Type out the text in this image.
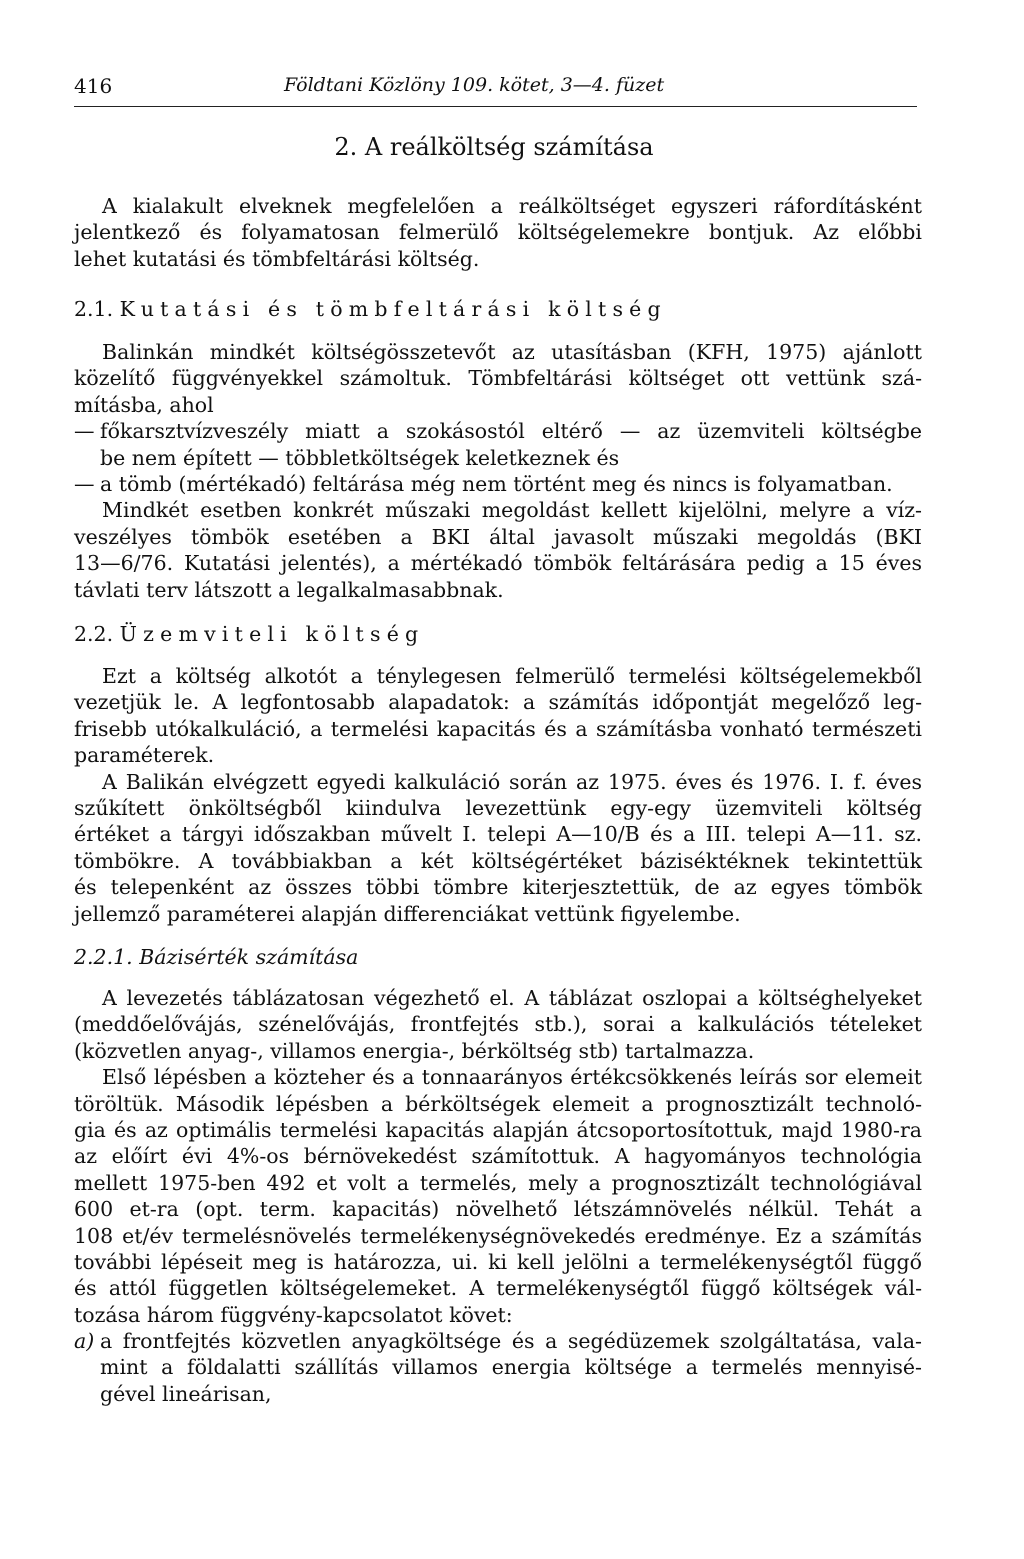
416	Földtani Közlöny 109. kötet, 3—4. füzet
2. A reálköltség számítása
A kialakult elveknek megfelelően a reálköltséget egyszeri ráfordításként
jelentkező és folyamatosan felmerülő költségelemekre bontjuk. Az előbbi
lehet kutatási és tömbfeltárási költség.
2.1. Kutatási és tömbfeltárási költség
Balinkán mindkét költségösszetevőt az utasításban (KFH, 1975) ajánlott
közelítő függvényekkel számoltuk. Tömbfeltárási költséget ott vettünk szá-
mításba, ahol
— főkarsztvízveszély miatt a szokásostól eltérő — az üzemviteli költségbe
be nem épített — többletköltségek keletkeznek és
— a tömb (mértékadó) feltárása még nem történt meg és nincs is folyamatban.
Mindkét esetben konkrét műszaki megoldást kellett kijelölni, melyre a víz-
veszélyes tömbök esetében a BKI által javasolt műszaki megoldás (BKI
13—6/76. Kutatási jelentés), a mértékadó tömbök feltárására pedig a 15 éves
távlati terv látszott a legalkalmasabbnak.
2.2. Üzemviteli költség
Ezt a költség alkotót a ténylegesen felmerülő termelési költségelemekből
vezetjük le. A legfontosabb alapadatok: a számítás időpontját megelőző leg-
frisebb utókalkuláció, a termelési kapacitás és a számításba vonható természeti
paraméterek.
A Balikán elvégzett egyedi kalkuláció során az 1975. éves és 1976. I. f. éves
szűkített önköltségből kiindulva levezettünk egy-egy üzemviteli költség
értéket a tárgyi időszakban művelt I. telepi A—10/B és a III. telepi A—11. sz.
tömbökre. A továbbiakban a két költségértéket báziséktéknek tekintettük
és telepenként az összes többi tömbre kiterjesztettük, de az egyes tömbök
jellemző paraméterei alapján differenciákat vettünk figyelembe.
2.2.1. Bázisérték számítása
A levezetés táblázatosan végezhető el. A táblázat oszlopai a költséghelyeket
(meddőelővájás, szénelővájás, frontfejtés stb.), sorai a kalkulációs tételeket
(közvetlen anyag-, villamos energia-, bérköltség stb) tartalmazza.
Első lépésben a közteher és a tonnaarányos értékcsökkenés leírás sor elemeit
töröltük. Második lépésben a bérköltségek elemeit a prognosztizált technoló-
gia és az optimális termelési kapacitás alapján átcsoportosítottuk, majd 1980-ra
az előírt évi 4%-os bérnövekedést számítottuk. A hagyományos technológia
mellett 1975-ben 492 et volt a termelés, mely a prognosztizált technológiával
600 et-ra (opt. term. kapacitás) növelhető létszámnövelés nélkül. Tehát a
108 et/év termelésnövelés termelékenységnövekedés eredménye. Ez a számítás
további lépéseit meg is határozza, ui. ki kell jelölni a termelékenységtől függő
és attól független költségelemeket. A termelékenységtől függő költségek vál-
tozása három függvény-kapcsolatot követ:
a) a frontfejtés közvetlen anyagköltsége és a segédüzemek szolgáltatása, vala-
mint a földalatti szállítás villamos energia költsége a termelés mennyisé-
gével lineárisan,
